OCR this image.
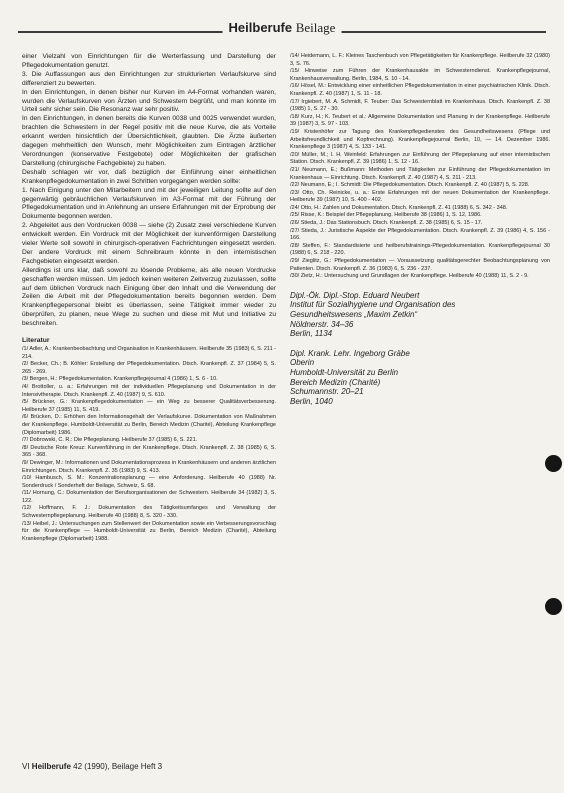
Heilberufe Beilage

einer Vielzahl von Einrichtungen für die Werterfassung und Darstellung der Pflegedokumentation genutzt.

3. Die Auffassungen aus den Einrichtungen zur strukturierten Verlaufskurve sind differenziert zu bewerten.

In den Einrichtungen, in denen bisher nur Kurven im A4-Format vorhanden waren, wurden die Verlaufskurven von Ärzten und Schwestern begrüßt, und man konnte im Urteil sehr sicher sein. Die Resonanz war sehr positiv.

In den Einrichtungen, in denen bereits die Kurven 0038 und 0025 verwendet wurden, brachten die Schwestern in der Regel positiv mit die neue Kurve, die als Vorteile erkannt werden hinsichtlich der Übersichtlichkeit, glaubten. Die Ärzte äußerten dagegen mehrheitlich den Wunsch, mehr Möglichkeiten zum Eintragen ärztlicher Verordnungen (konservative Festgebote) oder Möglichkeiten der grafischen Darstellung (chirurgische Fachgebiete) zu haben.

Deshalb schlagen wir vor, daß bezüglich der Einführung einer einheitlichen Krankenpflegedokumentation in zwei Schritten vorgegangen werden sollte:

1. Nach Einigung unter den Mitarbeitern und mit der jeweiligen Leitung sollte auf den gegenwärtig gebräuchlichen Verlaufskurven im A3-Format mit der Führung der Pflegedokumentation und in Anlehnung an unsere Erfahrungen mit der Erprobung der Dokumente begonnen werden.

2. Abgeleitet aus den Vordrucken 0038 — siehe (2) Zusatz zwei verschiedene Kurven entwickelt werden. Ein Vordruck mit der Möglichkeit der kurvenförmigen Darstellung vieler Werte soll sowohl in chirurgisch-operativen Fachrichtungen eingesetzt werden. Der andere Vordruck mit einem Schreibraum könnte in den internistischen Fachgebieten eingesetzt werden.

Allerdings ist uns klar, daß sowohl zu lösende Probleme, als alle neuen Vordrucke geschaffen werden müssen. Um jedoch keinen weiteren Zeitverzug zuzulassen, sollte auf dem üblichen Vordruck nach Einigung über den Inhalt und die Verwendung der Zeilen die Arbeit mit der Pflegedokumentation bereits begonnen werden. Dem Krankenpflegepersonal bleibt es überlassen, seine Tätigkeit immer wieder zu überprüfen, zu planen, neue Wege zu suchen und diese mit Mut und Initiative zu beschreiten.

Literatur

/1/ Adler, A.: Krankenbeobachtung und Organisation in Krankenhäusern. Heilberufe 35 (1983) 6, S. 211 - 214.

/2/ Becker, Ch.; B. Köhler: Erstellung der Pflegedokumentation. Dtsch. Krankenpfl. Z. 37 (1984) 5, S. 265 - 269.

/3/ Bergen, H.: Pflegedokumentation. Krankenpflegejournal 4 (1986) 1, S. 6 - 10.

/4/ Brottoller, u. a.: Erfahrungen mit der individuellen Pflegeplanung und Dokumentation in der Intensivtherapie. Dtsch. Krankenpfl. Z. 40 (1987) 9, S. 610.

/5/ Brückner, G.: Krankenpflegedokumentation — ein Weg zu besserer Qualitätsverbesserung. Heilberufe 37 (1985) 11, S. 419.

/6/ Brücken, D.: Erhöhen den Informationsgehalt der Verlaufskurve. Dokumentation von Maßnahmen der Krankenpflege. Humboldt-Universität zu Berlin, Bereich Medizin (Charité), Abteilung Krankenpflege (Diplomarbeit) 1986.

/7/ Dobrowski, C. R.: Die Pflegeplanung. Heilberufe 37 (1985) 6, S. 221.

/8/ Deutsche Rote Kreuz: Kurvenführung in der Krankenpflege. Dtsch. Krankenpfl. Z. 38 (1985) 6, S. 365 - 368.

/9/ Dewinger, M.: Informationen und Dokumentationsprozess in Krankenhäusern und anderen ärztlichen Einrichtungen. Dtsch. Krankenpfl. Z. 35 (1983) 9, S. 413.

/10/ Hambusch, S. M.: Konzentrationsplanung — eine Anforderung. Heilberufe 40 (1988) Nr. Sonderdruck / Sonderheft der Beilage, Schweiz, S. 68.

/11/ Hornung, C.: Dokumentation der Berufsorganisationen der Schwestern. Heilberufe 34 (1982) 3, S. 122.

/12/ Hoffmann, F. J.: Dokumentation des Tätigkeitsumfanges und Verwaltung der Schwesternpflegeplanung. Heilberufe 40 (1988) 8, S. 320 - 330.

/13/ Heibel, J.: Untersuchungen zum Stellenwert der Dokumentation sowie ein Verbesserungsvorschlag für die Krankenpflege — Humboldt-Universität zu Berlin, Bereich Medizin (Charité), Abteilung Krankenpflege (Diplomarbeit) 1988.

/14/ Heidemann, L. F.: Kleines Taschenbuch von Pflegetätigkeiten für Krankenpflege. Heilberufe 32 (1980) 3, S. 76.

/15/ Hinweise zum Führen der Krankenhausakte im Schwesterndienst. Krankenpflegejournal, Krankenhausverwaltung. Berlin, 1984, S. 10 - 14.

/16/ Hösel, M.: Entwicklung einer einheitlichen Pflegedokumentation in einer psychiatrischen Klinik. Dtsch. Krankenpfl. Z. 40 (1987) 1, S. 11 - 18.

/17/ Irgiebert, M. A. Schmidt, F. Teuber: Das Schwesternblatt im Krankenhaus. Dtsch. Krankenpfl. Z. 38 (1985) 1, S. 27 - 30.

/18/ Kurz, H.; K. Teubert et al.: Allgemeine Dokumentation und Planung in der Krankenpflege. Heilberufe 39 (1987) 3, S. 97 - 103.

/19/ Kristenhöfer zur Tagung des Krankenpflegedienstes des Gesundheitswesens (Pflege und Arbeitsfreundlichkeit und Kopfrechnung). Krankenpflegejournal Berlin, 10, — 14. Dezember 1986. Krankenpflege 3 (1987) 4, S. 133 - 141.

/20/ Müller, M.; I. H. Weinfeld: Erfahrungen zur Einführung der Pflegeplanung auf einer internistischen Station. Dtsch. Krankenpfl. Z. 39 (1986) 1, S. 12 - 16.

/21/ Neumann, E.; Bußmann: Methoden und Tätigkeiten zur Einführung der Pflegedokumentation im Krankenhaus — Einrichtung. Dtsch. Krankenpfl. Z. 40 (1987) 4, S. 211 - 213.

/22/ Neumann, E.; I. Schmidt: Die Pflegedokumentation. Dtsch. Krankenpfl. Z. 40 (1987) 5, S. 228.

/23/ Otto, Ch. Reinicke, u. a.: Erste Erfahrungen mit der neuen Dokumentation der Krankenpflege. Heilberufe 39 (1987) 10, S. 400 - 402.

/24/ Otto, H.: Zahlen und Dokumentation. Dtsch. Krankenpfl. Z. 41 (1988) 6, S. 342 - 348.

/25/ Risse, K.: Beispiel der Pflegeplanung. Heilberufe 38 (1986) 1, S. 12, 1986.

/26/ Stieda, J.: Das Stationsbuch. Dtsch. Krankenpfl. Z. 38 (1985) 6, S. 15 - 17.

/27/ Stieda, J.: Juristische Aspekte der Pflegedokumentation. Dtsch. Krankenpfl. Z. 39 (1986) 4, S. 156 - 166.

/28/ Steffen, F.: Standardisierte und heilberufstrainings-Pflegedokumentation. Krankenpflegejournal 30 (1988) 6, S. 218 - 220.

/29/ Zieglitz, G.: Pflegedokumentation — Voraussetzung qualitätsgerechter Beobachtungsplanung von Patienten. Dtsch. Krankenpfl. Z. 36 (1983) 6, S. 236 - 237.

/30/ Zietz, H.: Untersuchung und Grundlagen der Krankenpflege. Heilberufe 40 (1988) 11, S. 2 - 9.

Dipl.-Ök. Dipl.-Stop. Eduard Neubert

Institut für Sozialhygiene und Organisation des

Gesundheitswesens „Maxim Zetkin“

Nöldnerstr. 34–36

Berlin, 1134

Dipl. Krank. Lehr. Ingeborg Gräbe

Oberin

Humboldt-Universität zu Berlin

Bereich Medizin (Charité)

Schumannstr. 20–21

Berlin, 1040

VI Heilberufe 42 (1990), Beilage Heft 3
